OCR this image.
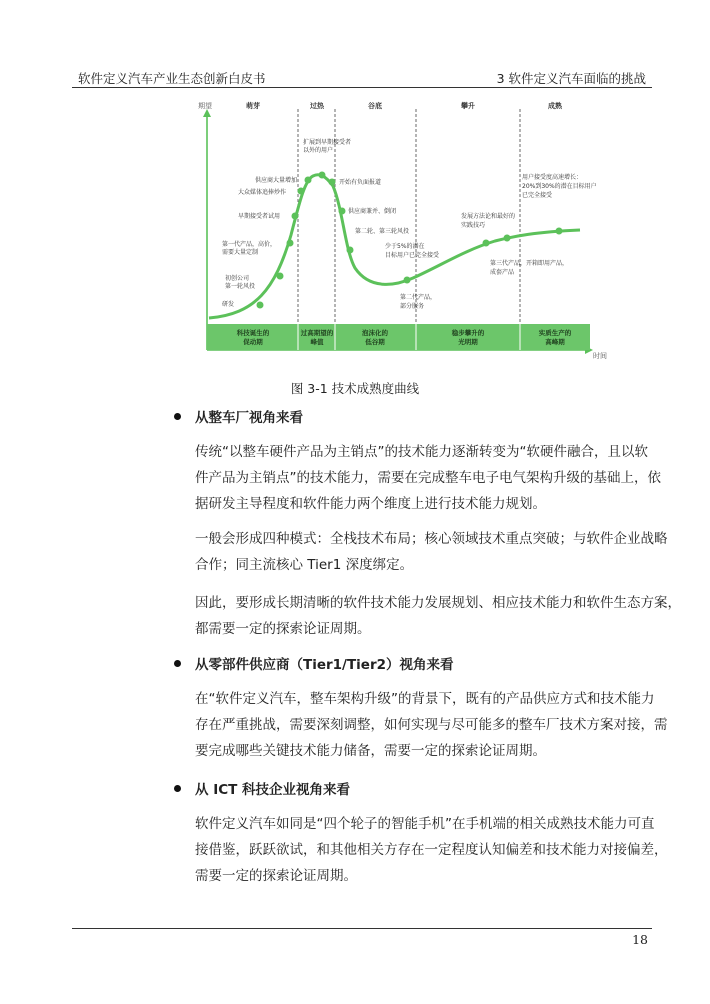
软件定义汽车产业生态创新白皮书	3 软件定义汽车面临的挑战
期望
时间
萌芽	过热	谷底	攀升	成熟
科技诞生的
促动期
过高期望的
峰值
泡沫化的
低谷期
稳步攀升的
光明期
实质生产的
高峰期
研发
初创公司
第一轮风投
第一代产品，高价，
需要大量定制
早期接受者试用
大众媒体追捧炒作
供应商大量增加
扩展到早期接受者
以外的用户
开始有负面报道
供应商兼并、倒闭
第二轮、第三轮风投
少于5%的潜在
目标用户已完全接受
第二代产品，
部分服务
发展方法论和最好的
实践技巧
第三代产品，开箱即用产品，
成套产品
用户接受度高速增长：
20%到30%的潜在目标用户
已完全接受
图 3-1 技术成熟度曲线
从整车厂视角来看
传统“以整车硬件产品为主销点”的技术能力逐渐转变为“软硬件融合，且以软
件产品为主销点”的技术能力，需要在完成整车电子电气架构升级的基础上，依
据研发主导程度和软件能力两个维度上进行技术能力规划。
一般会形成四种模式：全栈技术布局；核心领域技术重点突破；与软件企业战略
合作；同主流核心 Tier1 深度绑定。
因此，要形成长期清晰的软件技术能力发展规划、相应技术能力和软件生态方案，
都需要一定的探索论证周期。
从零部件供应商（Tier1/Tier2）视角来看
在“软件定义汽车，整车架构升级”的背景下，既有的产品供应方式和技术能力
存在严重挑战，需要深刻调整，如何实现与尽可能多的整车厂技术方案对接，需
要完成哪些关键技术能力储备，需要一定的探索论证周期。
从 ICT 科技企业视角来看
软件定义汽车如同是“四个轮子的智能手机”在手机端的相关成熟技术能力可直
接借鉴，跃跃欲试，和其他相关方存在一定程度认知偏差和技术能力对接偏差，
需要一定的探索论证周期。
18
